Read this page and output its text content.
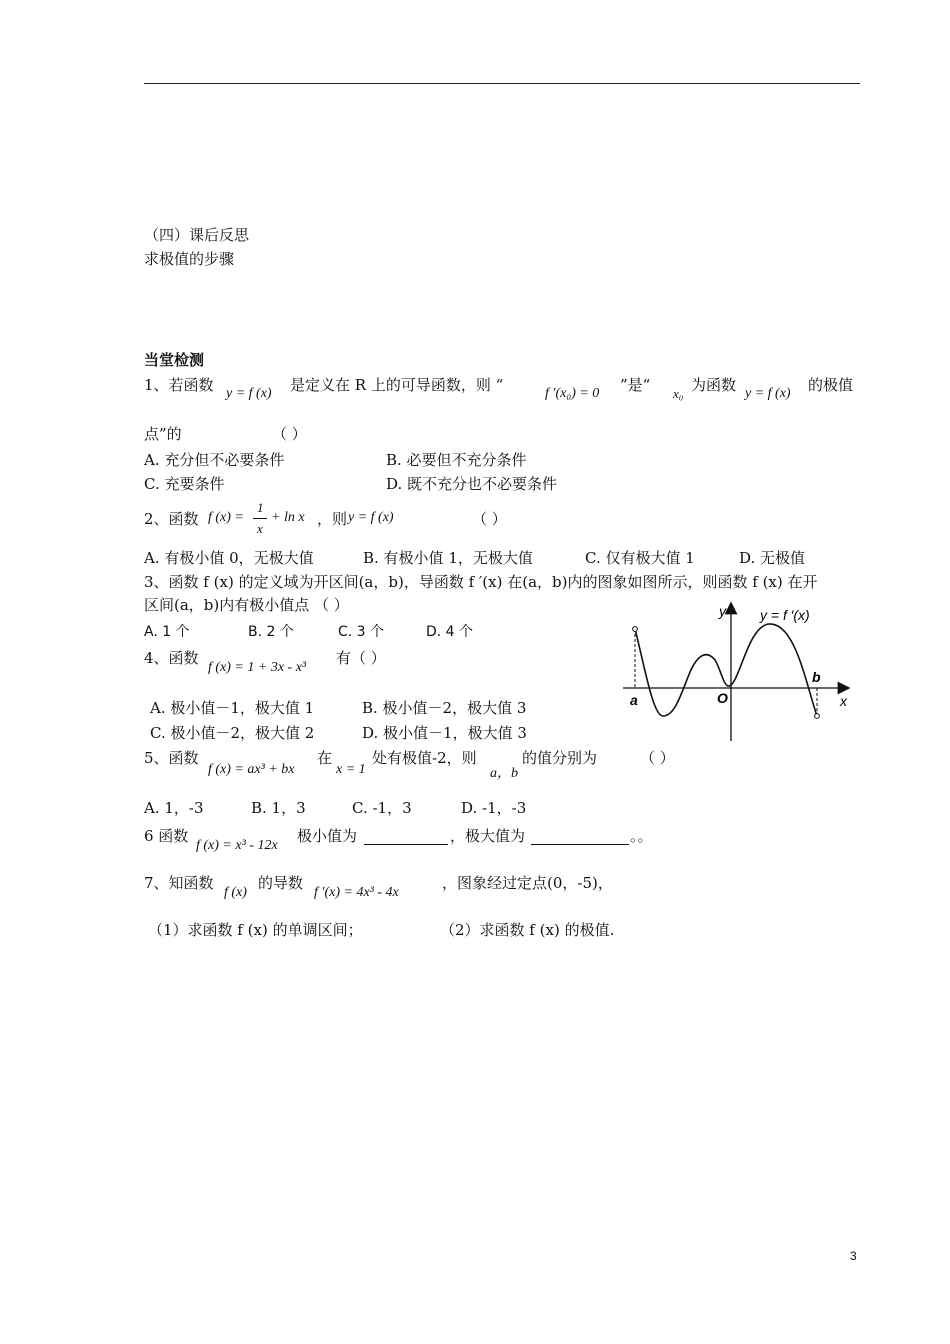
（四）课后反思
求极值的步骤
当堂检测
1、若函数 y = f (x) 是定义在 R 上的可导函数，则 “	f ′(x₀) = 0 ”是“ x₀ 为函数 y = f (x) 的极值
点”的	（ ）
A. 充分但不必要条件	B. 必要但不充分条件
C. 充要条件	D. 既不充分也不必要条件
2、函数 f (x) =
1
x
+ ln x ，则 y = f (x)	（ ）
A. 有极小值 0，无极大值	B. 有极小值 1，无极大值	C. 仅有极大值 1	D. 无极值
3、函数 f (x) 的定义域为开区间(a，b)，导函数 f ′(x) 在(a，b)内的图象如图所示，则函数 f (x) 在开
区间(a，b)内有极小值点 （ ）
A. 1 个	B. 2 个	C. 3 个	D. 4 个
4、函数
f (x) = 1 + 3x - x³
有（ ）
A. 极小值－1，极大值 1	B. 极小值－2，极大值 3
C. 极小值－2，极大值 2	D. 极小值－1，极大值 3
5、函数
f (x) = ax³ + bx
在
x = 1
处有极值-2，则
a，b
的值分别为	（ ）
A. 1，-3	B. 1，3	C. -1，3	D. -1，-3
6 函数
f (x) = x³ - 12x
极小值为	，极大值为	。。
7、知函数
f (x)
的导数
f ′(x) = 4x³ - 4x
，图象经过定点(0，-5)，
（1）求函数 f (x) 的单调区间；	（2）求函数 f (x) 的极值.
y y = f ′(x)
b
a	O	x
3
